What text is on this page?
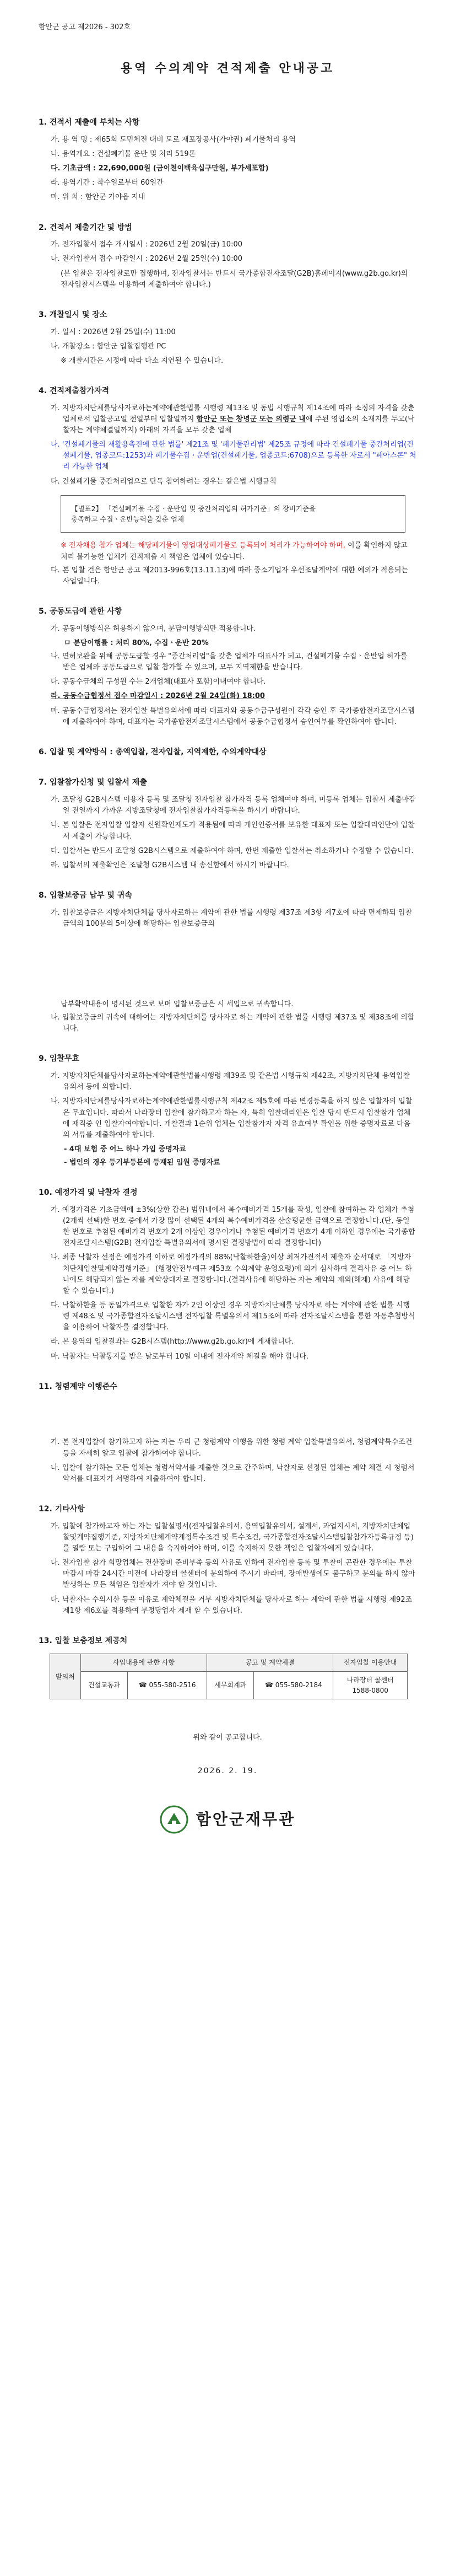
함안군 공고 제2026 - 302호
용역 수의계약 견적제출 안내공고
1. 견적서 제출에 부치는 사항
가. 용 역 명 : 제65회 도민체전 대비 도로 재포장공사(가야권) 폐기물처리 용역
나. 용역개요 : 건설폐기물 운반 및 처리 519톤
다. 기초금액 : 22,690,000원 (금이천이백육십구만원, 부가세포함)
라. 용역기간 : 착수일로부터 60일간
마. 위 치 : 함안군 가야읍 지내
2. 견적서 제출기간 및 방법
가. 전자입찰서 접수 개시일시 : 2026년 2월 20일(금) 10:00
나. 전자입찰서 접수 마감일시 : 2026년 2월 25일(수) 10:00
(본 입찰은 전자입찰로만 집행하며, 전자입찰서는 반드시 국가종합전자조달(G2B)홈페이지(www.g2b.go.kr)의 전자입찰시스템을 이용하여 제출하여야 합니다.)
3. 개찰일시 및 장소
가. 일시 : 2026년 2월 25일(수) 11:00
나. 개찰장소 : 함안군 입찰집행관 PC
※ 개찰시간은 시정에 따라 다소 지연될 수 있습니다.
4. 견적제출참가자격
가. 지방자치단체를당사자로하는계약에관한법률 시행령 제13조 및 동법 시행규칙 제14조에 따라 소정의 자격을 갖춘 업체로서 입찰공고일 전일부터 입찰일까지 함안군 또는 창녕군 또는 의령군 내에 주된 영업소의 소재지를 두고(낙찰자는 계약체결일까지) 아래의 자격을 모두 갖춘 업체
나. '건설폐기물의 재활용촉진에 관한 법률' 제21조 및 '폐기물관리법' 제25조 규정에 따라 건설폐기물 중간처리업(건설폐기물, 업종코드:1253)과 폐기물수집ㆍ운반업(건설폐기물, 업종코드:6708)으로 등록한 자로서 "폐아스콘" 처리 가능한 업체
다. 건설폐기물 중간처리업으로 단독 참여하려는 경우는 같은법 시행규칙
【별표2】 「건설폐기물 수집ㆍ운반업 및 중간처리업의 허가기준」의 장비기준을
충족하고 수집ㆍ운반능력을 갖춘 업체
※ 전자채용 참가 업체는 해당폐기물이 영업대상폐기물로 등록되어 처리가 가능하여야 하며, 이를 확인하지 않고 처리 불가능한 업체가 견적제출 시 책임은 업체에 있습니다.
다. 본 입찰 건은 함안군 공고 제2013-996호(13.11.13)에 따라 중소기업자 우선조달계약에 대한 예외가 적용되는 사업입니다.
5. 공동도급에 관한 사항
가. 공동이행방식은 허용하지 않으며, 분담이행방식만 적용합니다.
ㅁ 분담이행률 : 처리 80%, 수집ㆍ운반 20%
나. 면허보완을 위해 공동도급할 경우 "중간처리업"을 갖춘 업체가 대표사가 되고, 건설폐기물 수집ㆍ운반업 허가를 받은 업체와 공동도급으로 입찰 참가할 수 있으며, 모두 지역제한을 받습니다.
다. 공동수급체의 구성원 수는 2개업체(대표사 포함)이내여야 합니다.
라. 공동수급협정서 접수 마감일시 : 2026년 2월 24일(화) 18:00
마. 공동수급협정서는 전자입찰 특별유의서에 따라 대표자와 공동수급구성원이 각각 승인 후 국가종합전자조달시스템에 제출하여야 하며, 대표자는 국가종합전자조달시스템에서 공동수급협정서 승인여부를 확인하여야 합니다.
6. 입찰 및 계약방식 : 총액입찰, 전자입찰, 지역제한, 수의계약대상
7. 입찰참가신청 및 입찰서 제출
가. 조달청 G2B시스템 이용자 등록 및 조달청 전자입찰 참가자격 등록 업체여야 하며, 미등록 업체는 입찰서 제출마감일 전일까지 가까운 지방조달청에 전자입찰참가자격등록을 하시기 바랍니다.
나. 본 입찰은 전자입찰 입찰자 신원확인제도가 적용됨에 따라 개인인증서를 보유한 대표자 또는 입찰대리인만이 입찰서 제출이 가능합니다.
다. 입찰서는 반드시 조달청 G2B시스템으로 제출하여야 하며, 한번 제출한 입찰서는 취소하거나 수정할 수 없습니다.
라. 입찰서의 제출확인은 조달청 G2B시스템 내 송신함에서 하시기 바랍니다.
8. 입찰보증금 납부 및 귀속
가. 입찰보증금은 지방자치단체를 당사자로하는 계약에 관한 법률 시행령 제37조 제3항 제7호에 따라 면제하되 입찰금액의 100분의 5이상에 해당하는 입찰보증금의
납부확약내용이 명시된 것으로 보며 입찰보증금은 시 세입으로 귀속합니다.
나. 입찰보증금의 귀속에 대하여는 지방자치단체를 당사자로 하는 계약에 관한 법률 시행령 제37조 및 제38조에 의합니다.
9. 입찰무효
가. 지방자치단체를당사자로하는계약에관한법률시행령 제39조 및 같은법 시행규칙 제42조, 지방자치단체 용역입찰유의서 등에 의합니다.
나. 지방자치단체를당사자로하는계약에관한법률시행규칙 제42조 제5호에 따른 변경등록을 하지 않은 입찰자의 입찰은 무효입니다. 따라서 나라장터 입찰에 참가하고자 하는 자, 특히 입찰대리인은 입찰 당시 반드시 입찰참가 업체에 재직중 인 입찰자여야합니다. 개찰결과 1순위 업체는 입찰참가자 자격 유효여부 확인을 위한 증명자료로 다음의 서류를 제출하여야 합니다.
- 4대 보험 중 어느 하나 가입 증명자료
- 법인의 경우 등기부등본에 등재된 임원 증명자료
10. 예정가격 및 낙찰자 결정
가. 예정가격은 기초금액에 ±3%(상한 갑은) 범위내에서 복수예비가격 15개를 작성, 입찰에 참여하는 각 업체가 추첨(2개씩 선택)한 번호 중에서 가장 많이 선택된 4개의 복수예비가격을 산술평균한 금액으로 결정합니다.(단, 동일한 번호로 추첨된 예비가격 번호가 2개 이상인 경우이거나 추첨된 예비가격 번호가 4개 이하인 경우에는 국가종합전자조달시스템(G2B) 전자입찰 특별유의서에 명시된 결정방법에 따라 결정합니다)
나. 최종 낙찰자 선정은 예정가격 이하로 예정가격의 88%(낙찰하한율)이상 최저가견적서 제출자 순서대로 「지방자치단체입찰및계약집행기준」 (행정안전부예규 제53호 수의계약 운영요령)에 의거 심사하여 결격사유 중 어느 하나에도 해당되지 않는 자를 계약상대자로 결정합니다.(결격사유에 해당하는 자는 계약의 제외(해제) 사유에 해당할 수 있습니다.)
다. 낙찰하한율 등 동일가격으로 입찰한 자가 2인 이상인 경우 지방자치단체를 당사자로 하는 계약에 관한 법률 시행령 제48조 및 국가종합전자조달시스템 전자입찰 특별유의서 제15조에 따라 전자조달시스템을 통한 자동추첨방식을 이용하여 낙찰자를 결정합니다.
라. 본 용역의 입찰결과는 G2B시스템(http://www.g2b.go.kr)에 게재합니다.
마. 낙찰자는 낙찰통지를 받은 날로부터 10일 이내에 전자계약 체결을 해야 합니다.
11. 청렴계약 이행준수
가. 본 전자입찰에 참가하고자 하는 자는 우리 군 청렴계약 이행을 위한 청렴 계약 입찰특별유의서, 청렴계약특수조건 등을 자세히 알고 입찰에 참가하여야 합니다.
나. 입찰에 참가하는 모든 업체는 청렴서약서를 제출한 것으로 간주하며, 낙찰자로 선정된 업체는 계약 체결 시 청렴서약서를 대표자가 서명하여 제출하여야 합니다.
12. 기타사항
가. 입찰에 참가하고자 하는 자는 입찰설명서(전자입찰유의서, 용역입찰유의서, 설계서, 과업지시서, 지방자치단체입찰및계약집행기준, 지방자치단체계약계정특수조건 및 특수조건, 국가종합전자조달시스템입찰참가자등록규정 등)를 열람 또는 구입하여 그 내용을 숙지하여야 하며, 이를 숙지하지 못한 책임은 입찰자에게 있습니다.
나. 전자입찰 참가 희망업체는 전산장비 준비부족 등의 사유로 인하여 전자입찰 등록 및 투찰이 곤란한 경우에는 투찰마감시 마감 24시간 이전에 나라장터 콜센터에 문의하여 주시기 바라며, 장애발생에도 불구하고 문의를 하지 않아 발생하는 모든 책임은 입찰자가 져야 할 것입니다.
다. 낙찰자는 수의시산 등을 이유로 계약체결을 거부 지방자치단체를 당사자로 하는 계약에 관한 법률 시행령 제92조 제1항 제6호를 적용하여 부정당업자 제재 할 수 있습니다.
13. 입찰 보충정보 제공처
발의처	사업내용에 관한 사항		공고 및 계약체결		전자입찰 이용안내
	건설교통과	☎ 055-580-2516	세무회계과	☎ 055-580-2184	나라장터 콜센터
1588-0800
위와 같이 공고합니다.
2026. 2. 19.
함안군재무관
